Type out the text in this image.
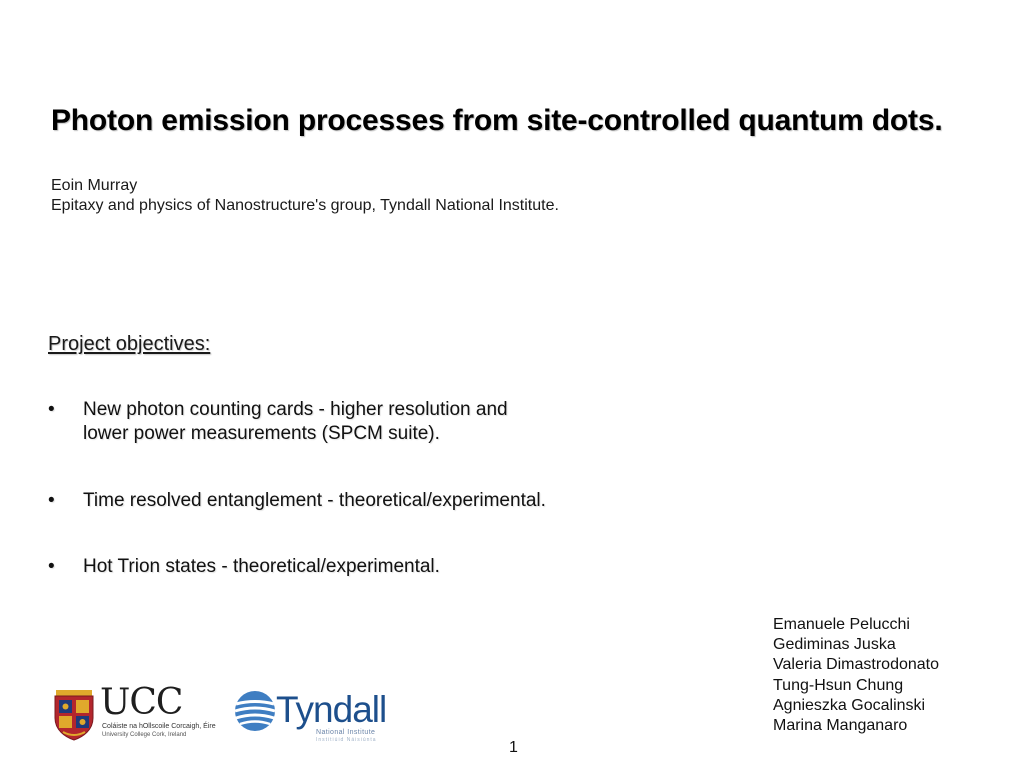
Photon emission processes from site-controlled quantum dots.
Eoin Murray
Epitaxy and physics of Nanostructure's group, Tyndall National Institute.
Project objectives:
• New photon counting cards - higher resolution and
lower power measurements (SPCM suite).
• Time resolved entanglement - theoretical/experimental.
• Hot Trion states - theoretical/experimental.
Emanuele Pelucchi
Gediminas Juska
Valeria Dimastrodonato
Tung-Hsun Chung
Agnieszka Gocalinski
Marina Manganaro
UCC
Coláiste na hOllscoile Corcaigh, Éire
University College Cork, Ireland
Tyndall
National Institute
Institiúid Náisiúnta	1
